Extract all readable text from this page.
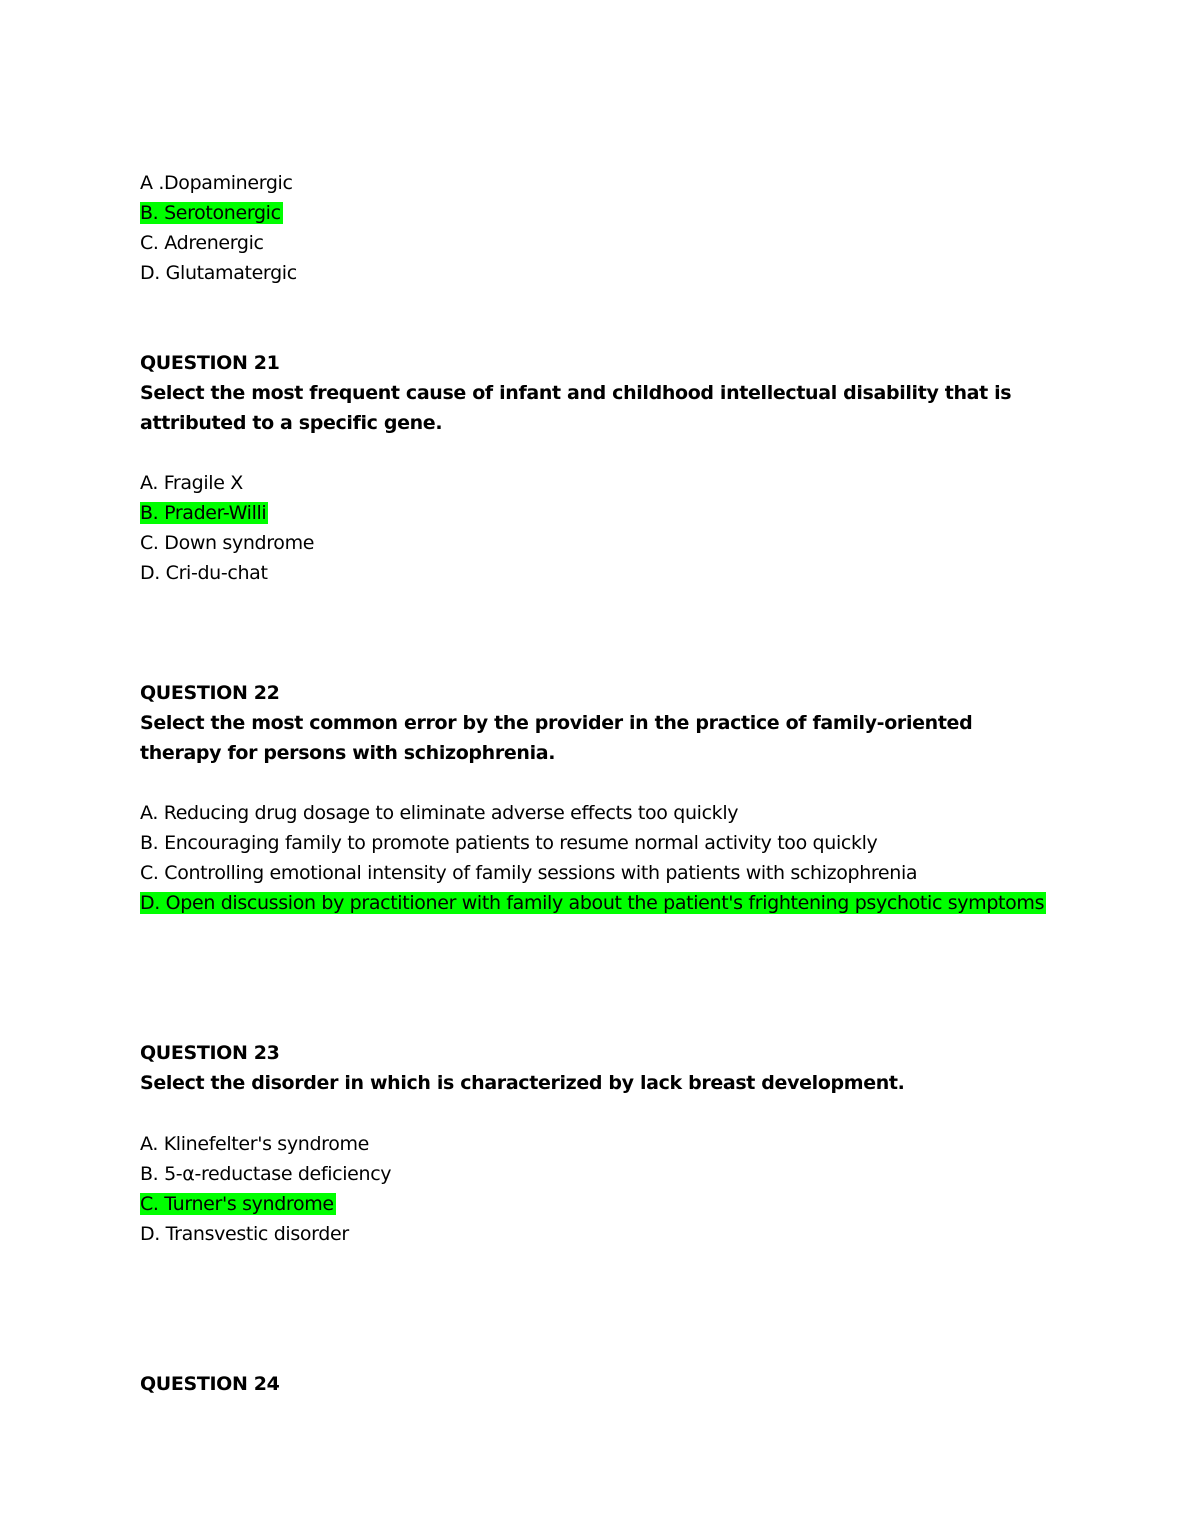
A .Dopaminergic
B. Serotonergic
C. Adrenergic
D. Glutamatergic
QUESTION 21
Select the most frequent cause of infant and childhood intellectual disability that is attributed to a specific gene.
A. Fragile X
B. Prader-Willi
C. Down syndrome
D. Cri-du-chat
QUESTION 22
Select the most common error by the provider in the practice of family-oriented therapy for persons with schizophrenia.
A. Reducing drug dosage to eliminate adverse effects too quickly
B. Encouraging family to promote patients to resume normal activity too quickly
C. Controlling emotional intensity of family sessions with patients with schizophrenia
D. Open discussion by practitioner with family about the patient's frightening psychotic symptoms
QUESTION 23
Select the disorder in which is characterized by lack breast development.
A. Klinefelter's syndrome
B. 5-α-reductase deficiency
C. Turner's syndrome
D. Transvestic disorder
QUESTION 24
